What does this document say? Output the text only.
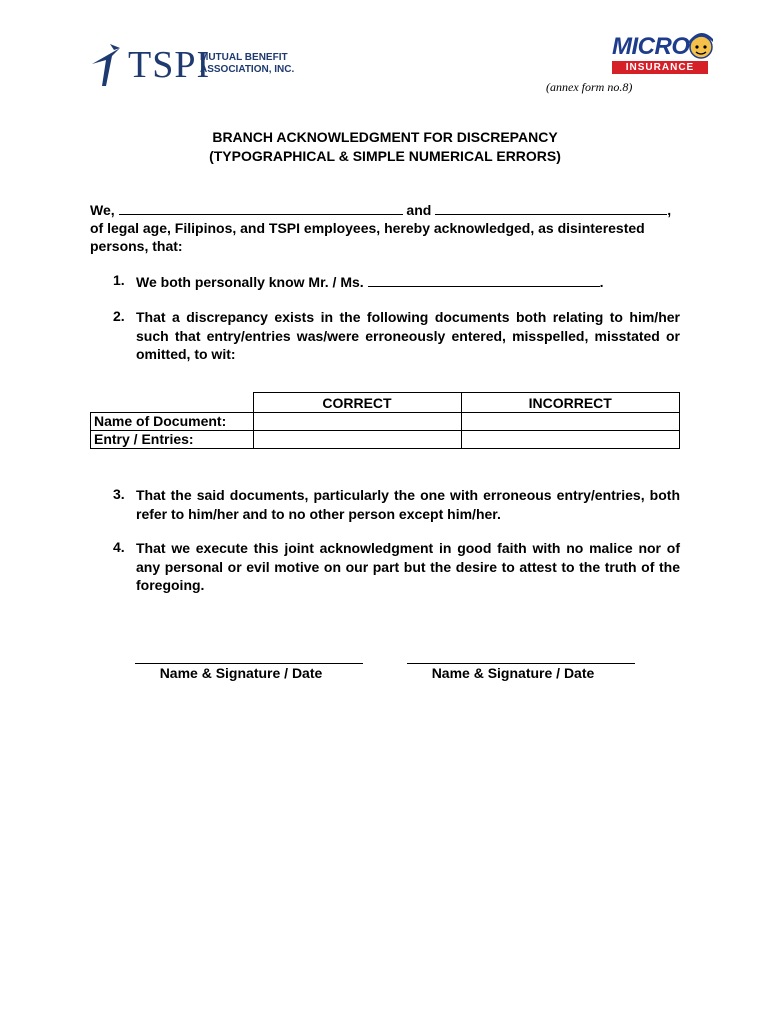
TSPI
MUTUAL BENEFIT
ASSOCIATION, INC.
MICRO
INSURANCE
(annex form no.8)
BRANCH ACKNOWLEDGMENT FOR DISCREPANCY
(TYPOGRAPHICAL & SIMPLE NUMERICAL ERRORS)
We,	and	,
of legal age, Filipinos, and TSPI employees, hereby acknowledged, as disinterested
persons, that:
1. We both personally know Mr. / Ms.	.
2. That a discrepancy exists in the following documents both relating to him/her such that entry/entries was/were erroneously entered, misspelled, misstated or omitted, to wit:
	CORRECT	INCORRECT
Name of Document:		
Entry / Entries:		
3. That the said documents, particularly the one with erroneous entry/entries, both refer to him/her and to no other person except him/her.
4. That we execute this joint acknowledgment in good faith with no malice nor of any personal or evil motive on our part but the desire to attest to the truth of the foregoing.
Name & Signature / Date	Name & Signature / Date
